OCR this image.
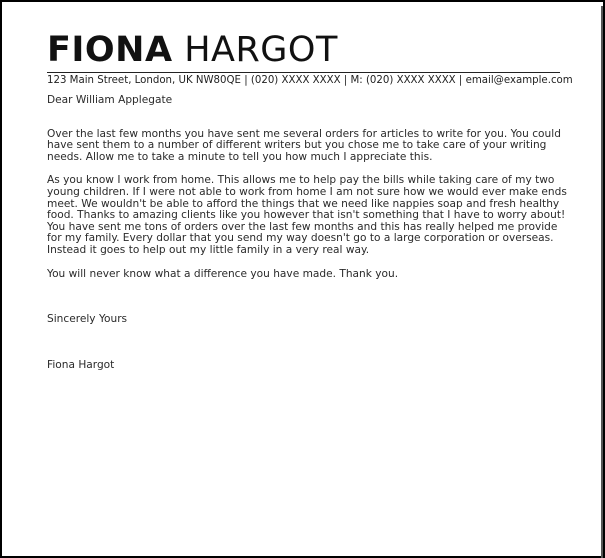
FIONA HARGOT
123 Main Street, London, UK NW80QE | (020) XXXX XXXX | M: (020) XXXX XXXX | email@example.com
Dear William Applegate
Over the last few months you have sent me several orders for articles to write for you. You could have sent them to a number of different writers but you chose me to take care of your writing needs. Allow me to take a minute to tell you how much I appreciate this.
As you know I work from home. This allows me to help pay the bills while taking care of my two young children. If I were not able to work from home I am not sure how we would ever make ends meet. We wouldn't be able to afford the things that we need like nappies soap and fresh healthy food. Thanks to amazing clients like you however that isn't something that I have to worry about! You have sent me tons of orders over the last few months and this has really helped me provide for my family. Every dollar that you send my way doesn't go to a large corporation or overseas. Instead it goes to help out my little family in a very real way.
You will never know what a difference you have made. Thank you.
Sincerely Yours
Fiona Hargot
